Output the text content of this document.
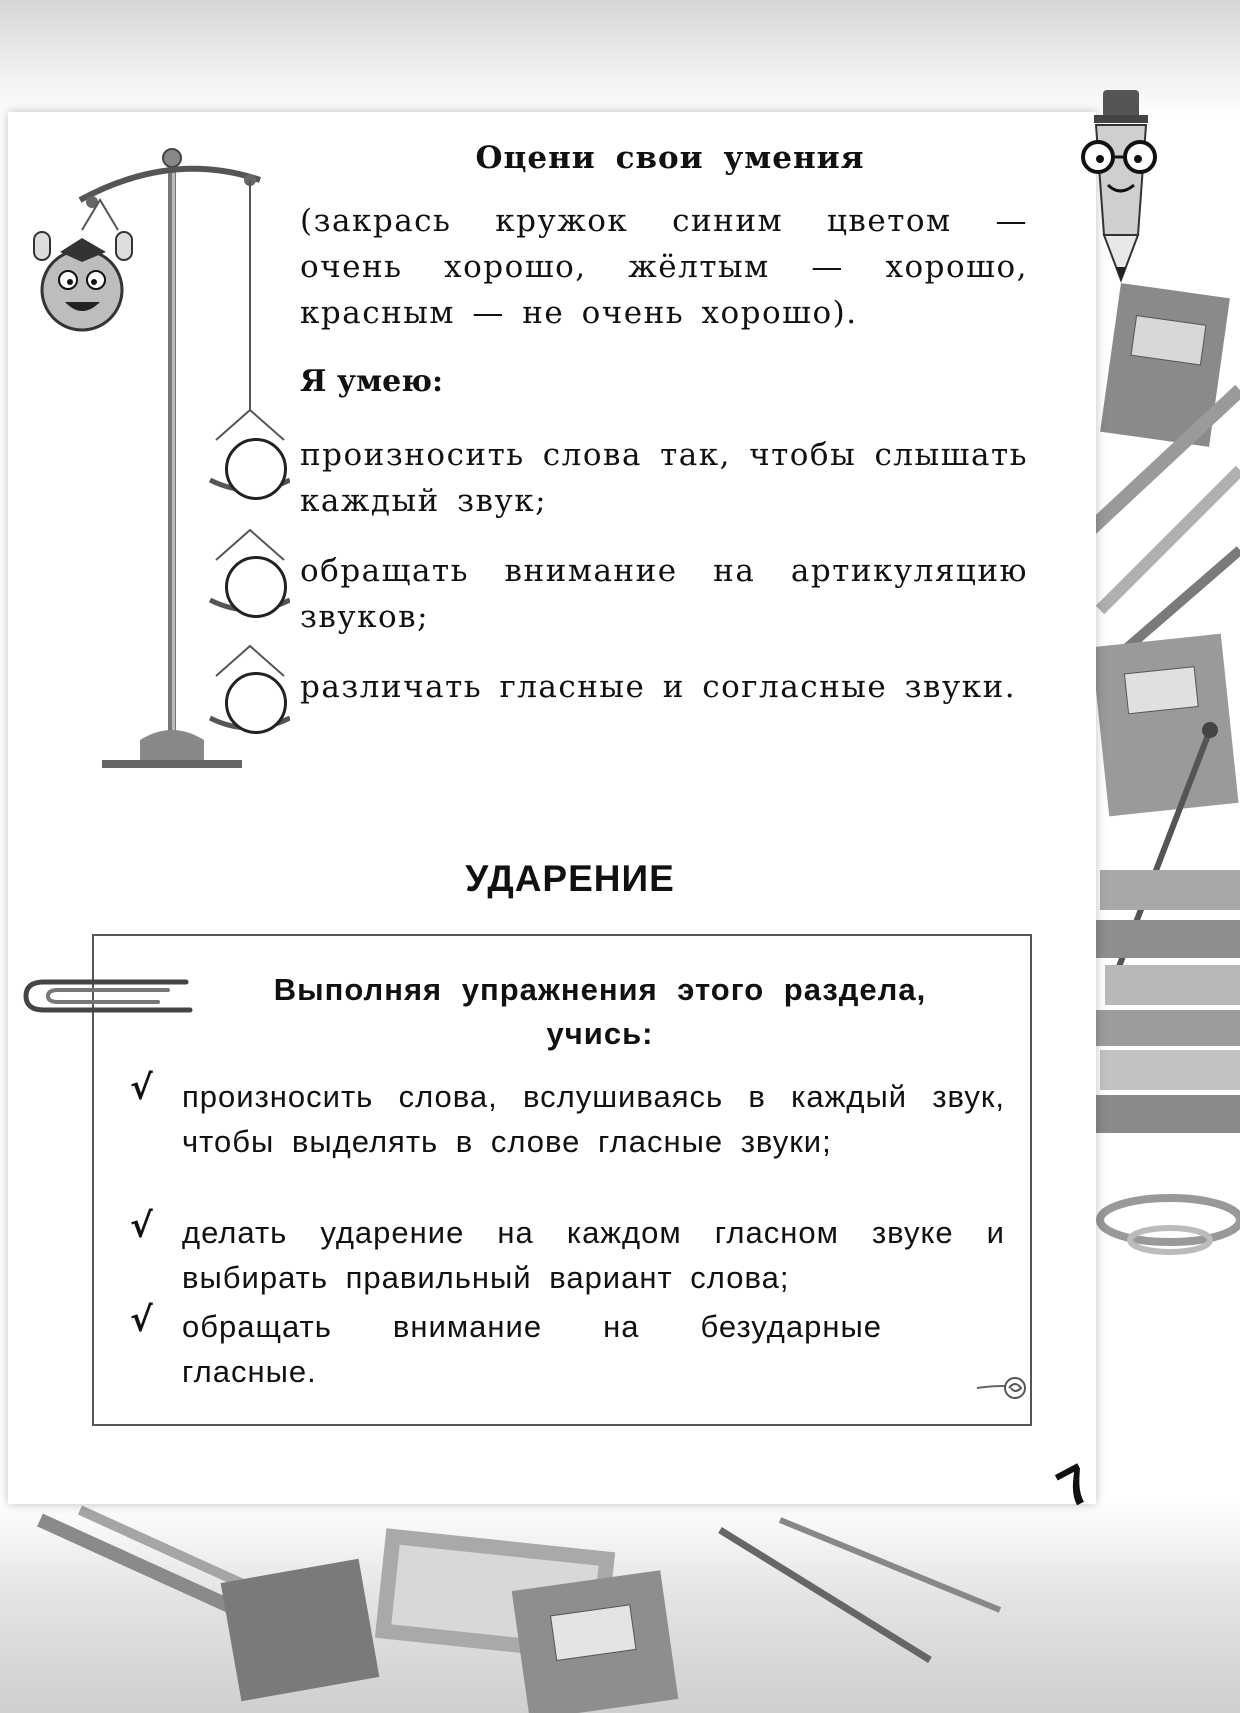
Оцени свои умения
(закрась кружок синим цветом —
очень хорошо, жёлтым — хорошо,
красным — не очень хорошо).
Я умею:

произносить слова так, чтобы слышать каждый звук;

обращать внимание на артикуляцию звуков;

различать гласные и согласные звуки.

УДАРЕНИЕ
Выполняя упражнения этого раздела,
учись:
√
√
√

произносить слова, вслушиваясь в каждый звук, чтобы выделять в слове гласные звуки;

делать ударение на каждом гласном звуке и выбирать правильный вариант слова;

обращать внимание на безударные гласные.

7
